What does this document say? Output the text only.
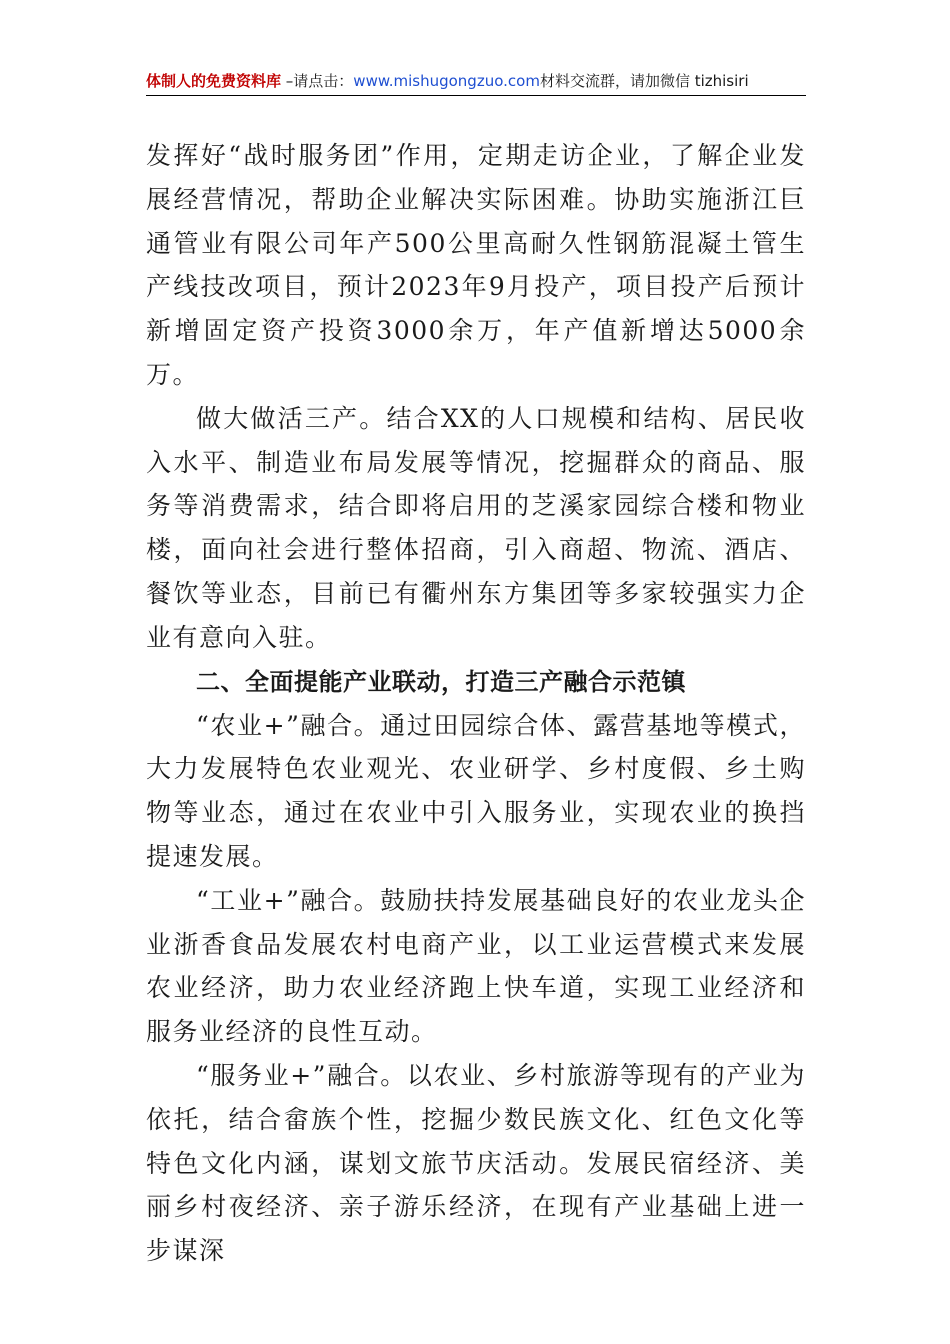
体制人的免费资料库 –请点击：www.mishugongzuo.com材料交流群，请加微信 tizhisiri

发挥好“战时服务团”作用，定期走访企业，了解企业发展经营情况，帮助企业解决实际困难。协助实施浙江巨通管业有限公司年产500公里高耐久性钢筋混凝土管生产线技改项目，预计2023年9月投产，项目投产后预计新增固定资产投资3000余万，年产值新增达5000余万。

做大做活三产。结合XX的人口规模和结构、居民收入水平、制造业布局发展等情况，挖掘群众的商品、服务等消费需求，结合即将启用的芝溪家园综合楼和物业楼，面向社会进行整体招商，引入商超、物流、酒店、餐饮等业态，目前已有衢州东方集团等多家较强实力企业有意向入驻。

二、全面提能产业联动，打造三产融合示范镇

“农业+”融合。通过田园综合体、露营基地等模式，大力发展特色农业观光、农业研学、乡村度假、乡土购物等业态，通过在农业中引入服务业，实现农业的换挡提速发展。

“工业+”融合。鼓励扶持发展基础良好的农业龙头企业浙香食品发展农村电商产业，以工业运营模式来发展农业经济，助力农业经济跑上快车道，实现工业经济和服务业经济的良性互动。

“服务业+”融合。以农业、乡村旅游等现有的产业为依托，结合畲族个性，挖掘少数民族文化、红色文化等特色文化内涵，谋划文旅节庆活动。发展民宿经济、美丽乡村夜经济、亲子游乐经济，在现有产业基础上进一步谋深
